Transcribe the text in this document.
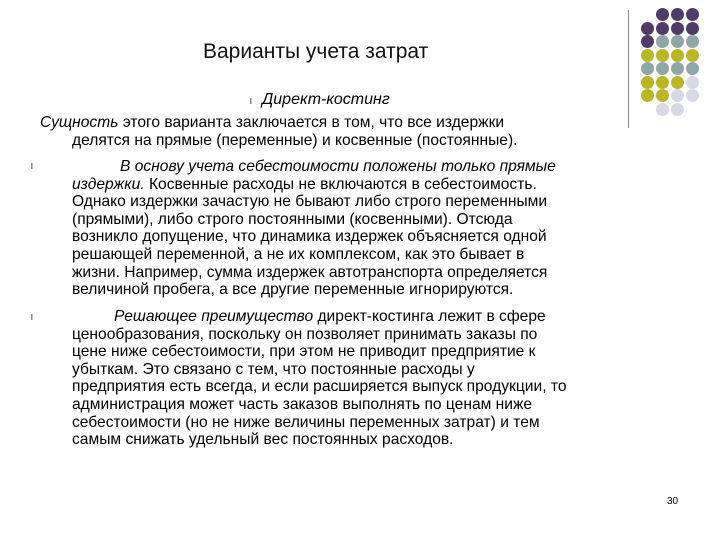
Варианты учета затрат
l Директ-костинг
Сущность этого варианта заключается в том, что все издержки
делятся на прямые (переменные) и косвенные (постоянные).
l	В основу учета себестоимости положены только прямые
издержки. Косвенные расходы не включаются в себестоимость.
Однако издержки зачастую не бывают либо строго переменными
(прямыми), либо строго постоянными (косвенными). Отсюда
возникло допущение, что динамика издержек объясняется одной
решающей переменной, а не их комплексом, как это бывает в
жизни. Например, сумма издержек автотранспорта определяется
величиной пробега, а все другие переменные игнорируются.
l	Решающее преимущество директ-костинга лежит в сфере
ценообразования, поскольку он позволяет принимать заказы по
цене ниже себестоимости, при этом не приводит предприятие к
убыткам. Это связано с тем, что постоянные расходы у
предприятия есть всегда, и если расширяется выпуск продукции, то
администрация может часть заказов выполнять по ценам ниже
себестоимости (но не ниже величины переменных затрат) и тем
самым снижать удельный вес постоянных расходов.
30
